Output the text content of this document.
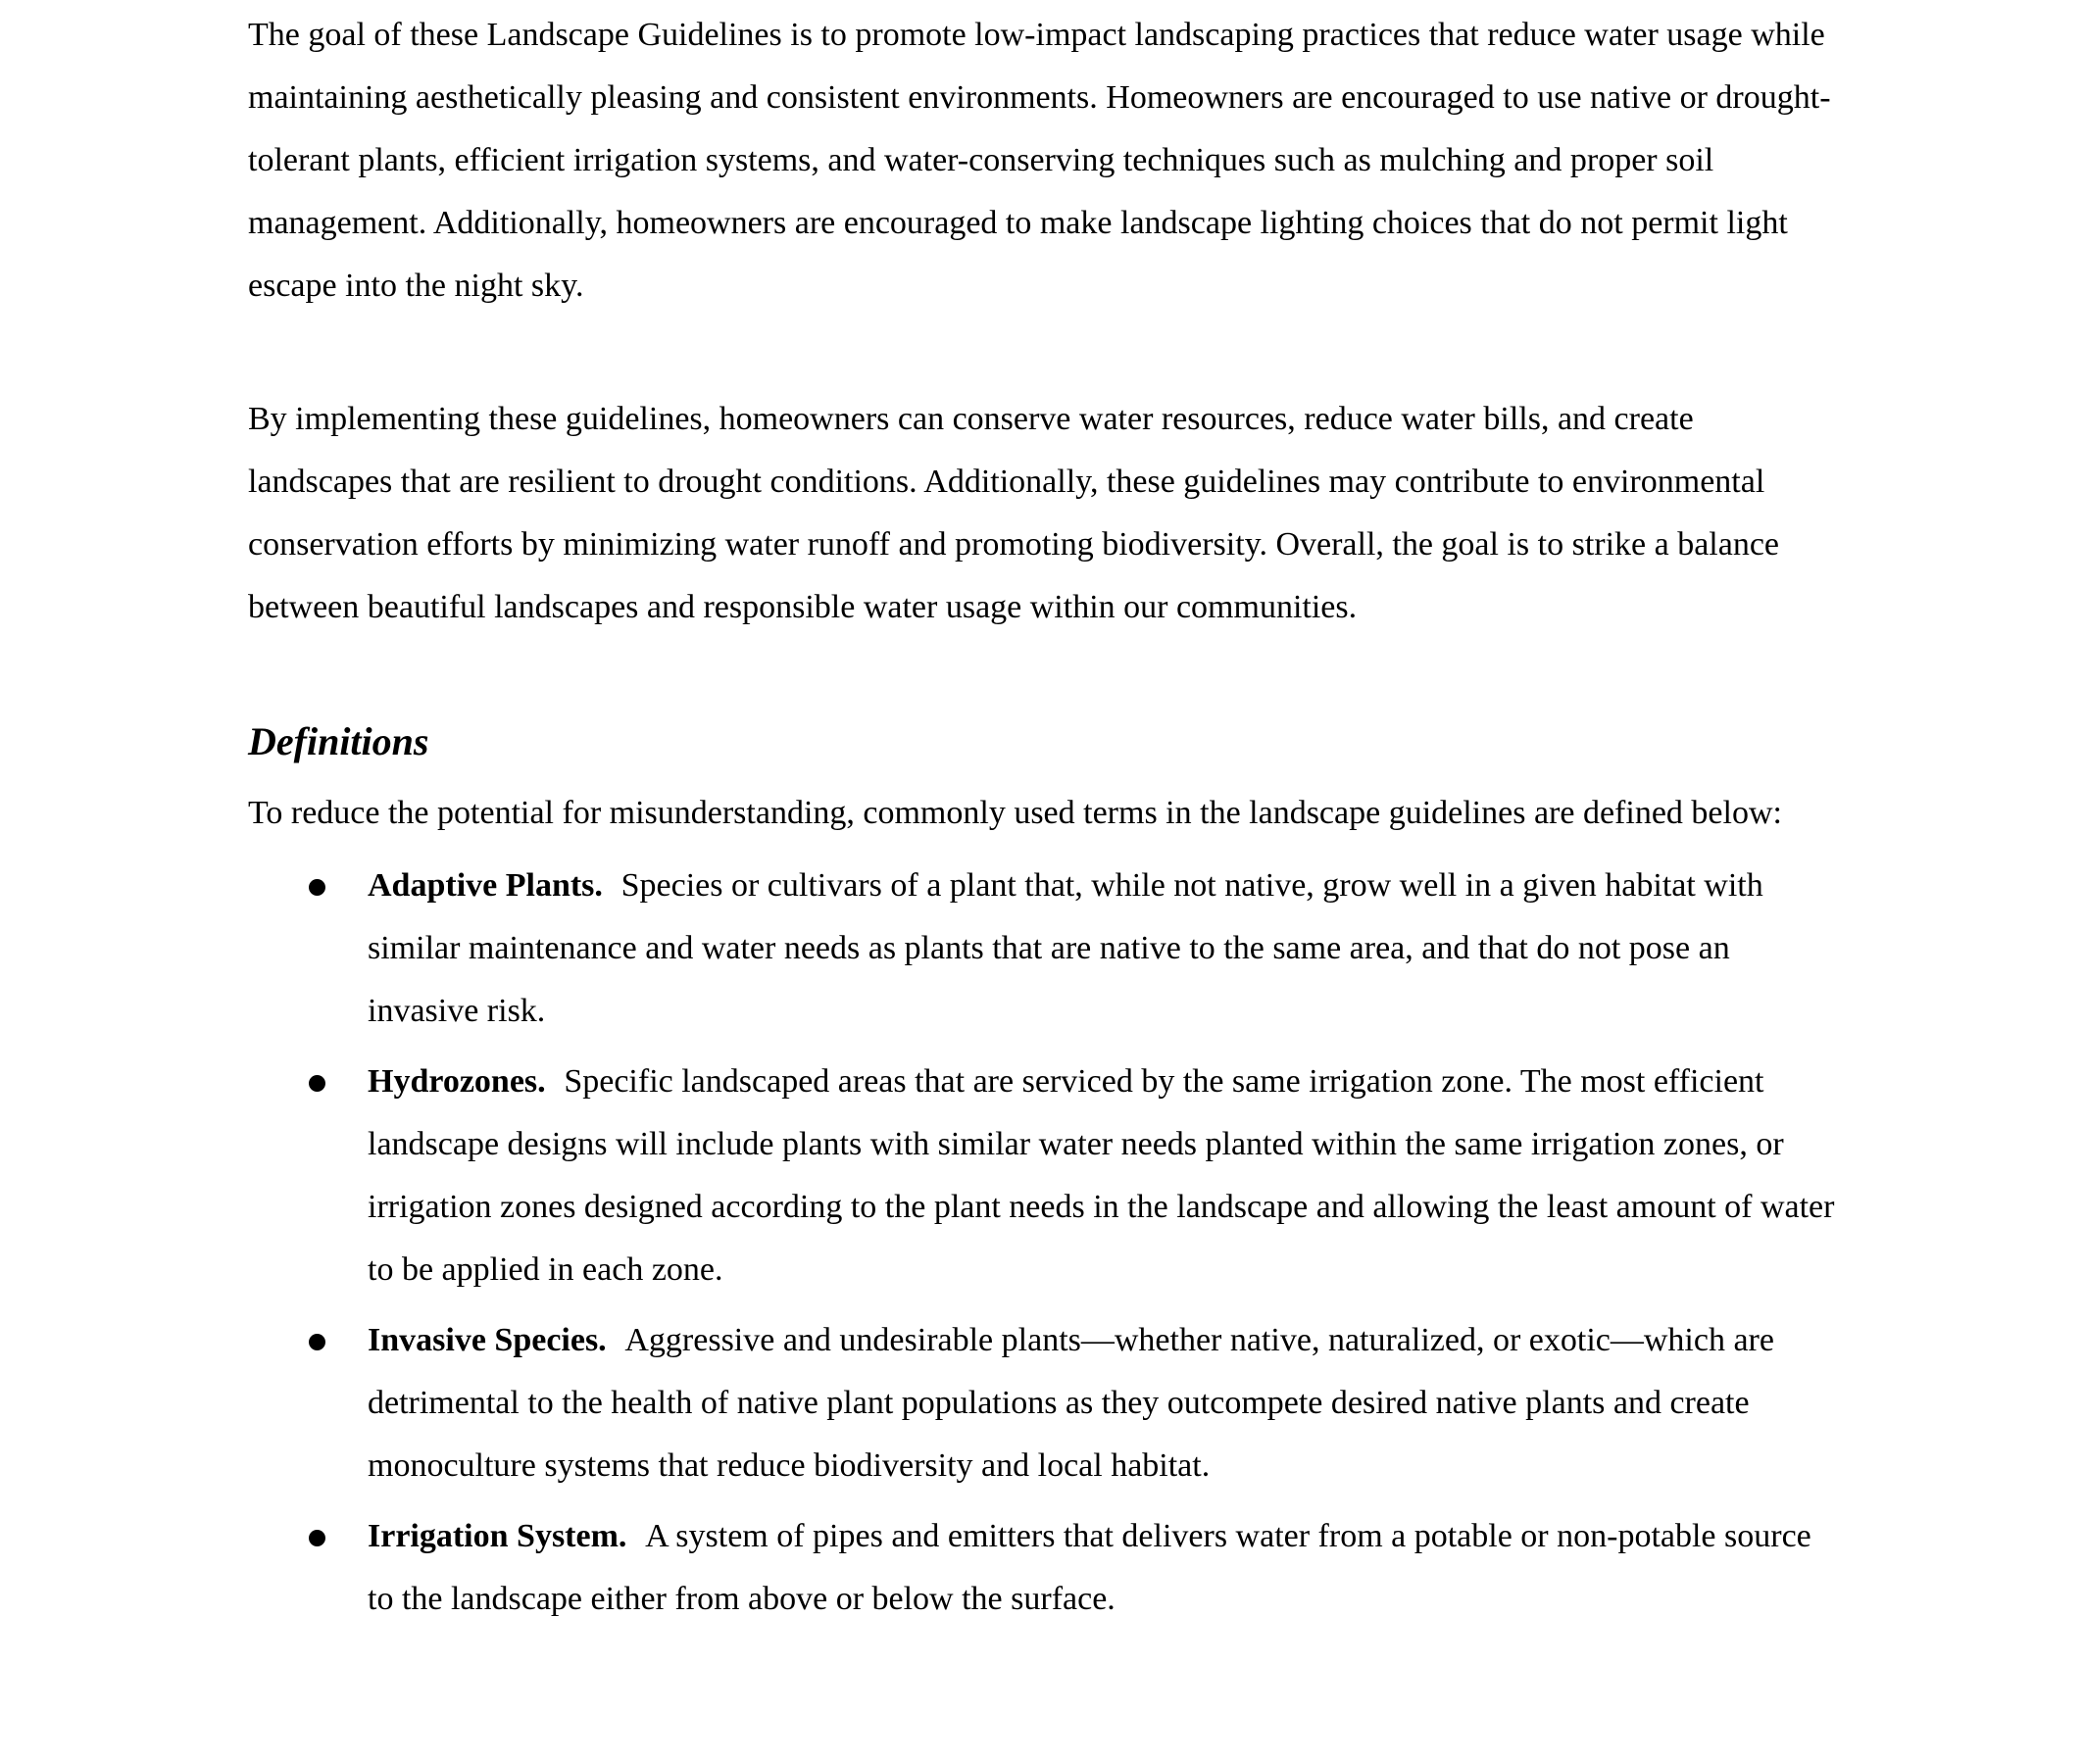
The goal of these Landscape Guidelines is to promote low-impact landscaping practices that reduce water usage while maintaining aesthetically pleasing and consistent environments. Homeowners are encouraged to use native or drought-tolerant plants, efficient irrigation systems, and water-conserving techniques such as mulching and proper soil management. Additionally, homeowners are encouraged to make landscape lighting choices that do not permit light escape into the night sky.

By implementing these guidelines, homeowners can conserve water resources, reduce water bills, and create landscapes that are resilient to drought conditions. Additionally, these guidelines may contribute to environmental conservation efforts by minimizing water runoff and promoting biodiversity. Overall, the goal is to strike a balance between beautiful landscapes and responsible water usage within our communities.

Definitions

To reduce the potential for misunderstanding, commonly used terms in the landscape guidelines are defined below:

Adaptive Plants. Species or cultivars of a plant that, while not native, grow well in a given habitat with similar maintenance and water needs as plants that are native to the same area, and that do not pose an invasive risk.
Hydrozones. Specific landscaped areas that are serviced by the same irrigation zone. The most efficient landscape designs will include plants with similar water needs planted within the same irrigation zones, or irrigation zones designed according to the plant needs in the landscape and allowing the least amount of water to be applied in each zone.
Invasive Species. Aggressive and undesirable plants—whether native, naturalized, or exotic—which are detrimental to the health of native plant populations as they outcompete desired native plants and create monoculture systems that reduce biodiversity and local habitat.
Irrigation System. A system of pipes and emitters that delivers water from a potable or non-potable source to the landscape either from above or below the surface.
